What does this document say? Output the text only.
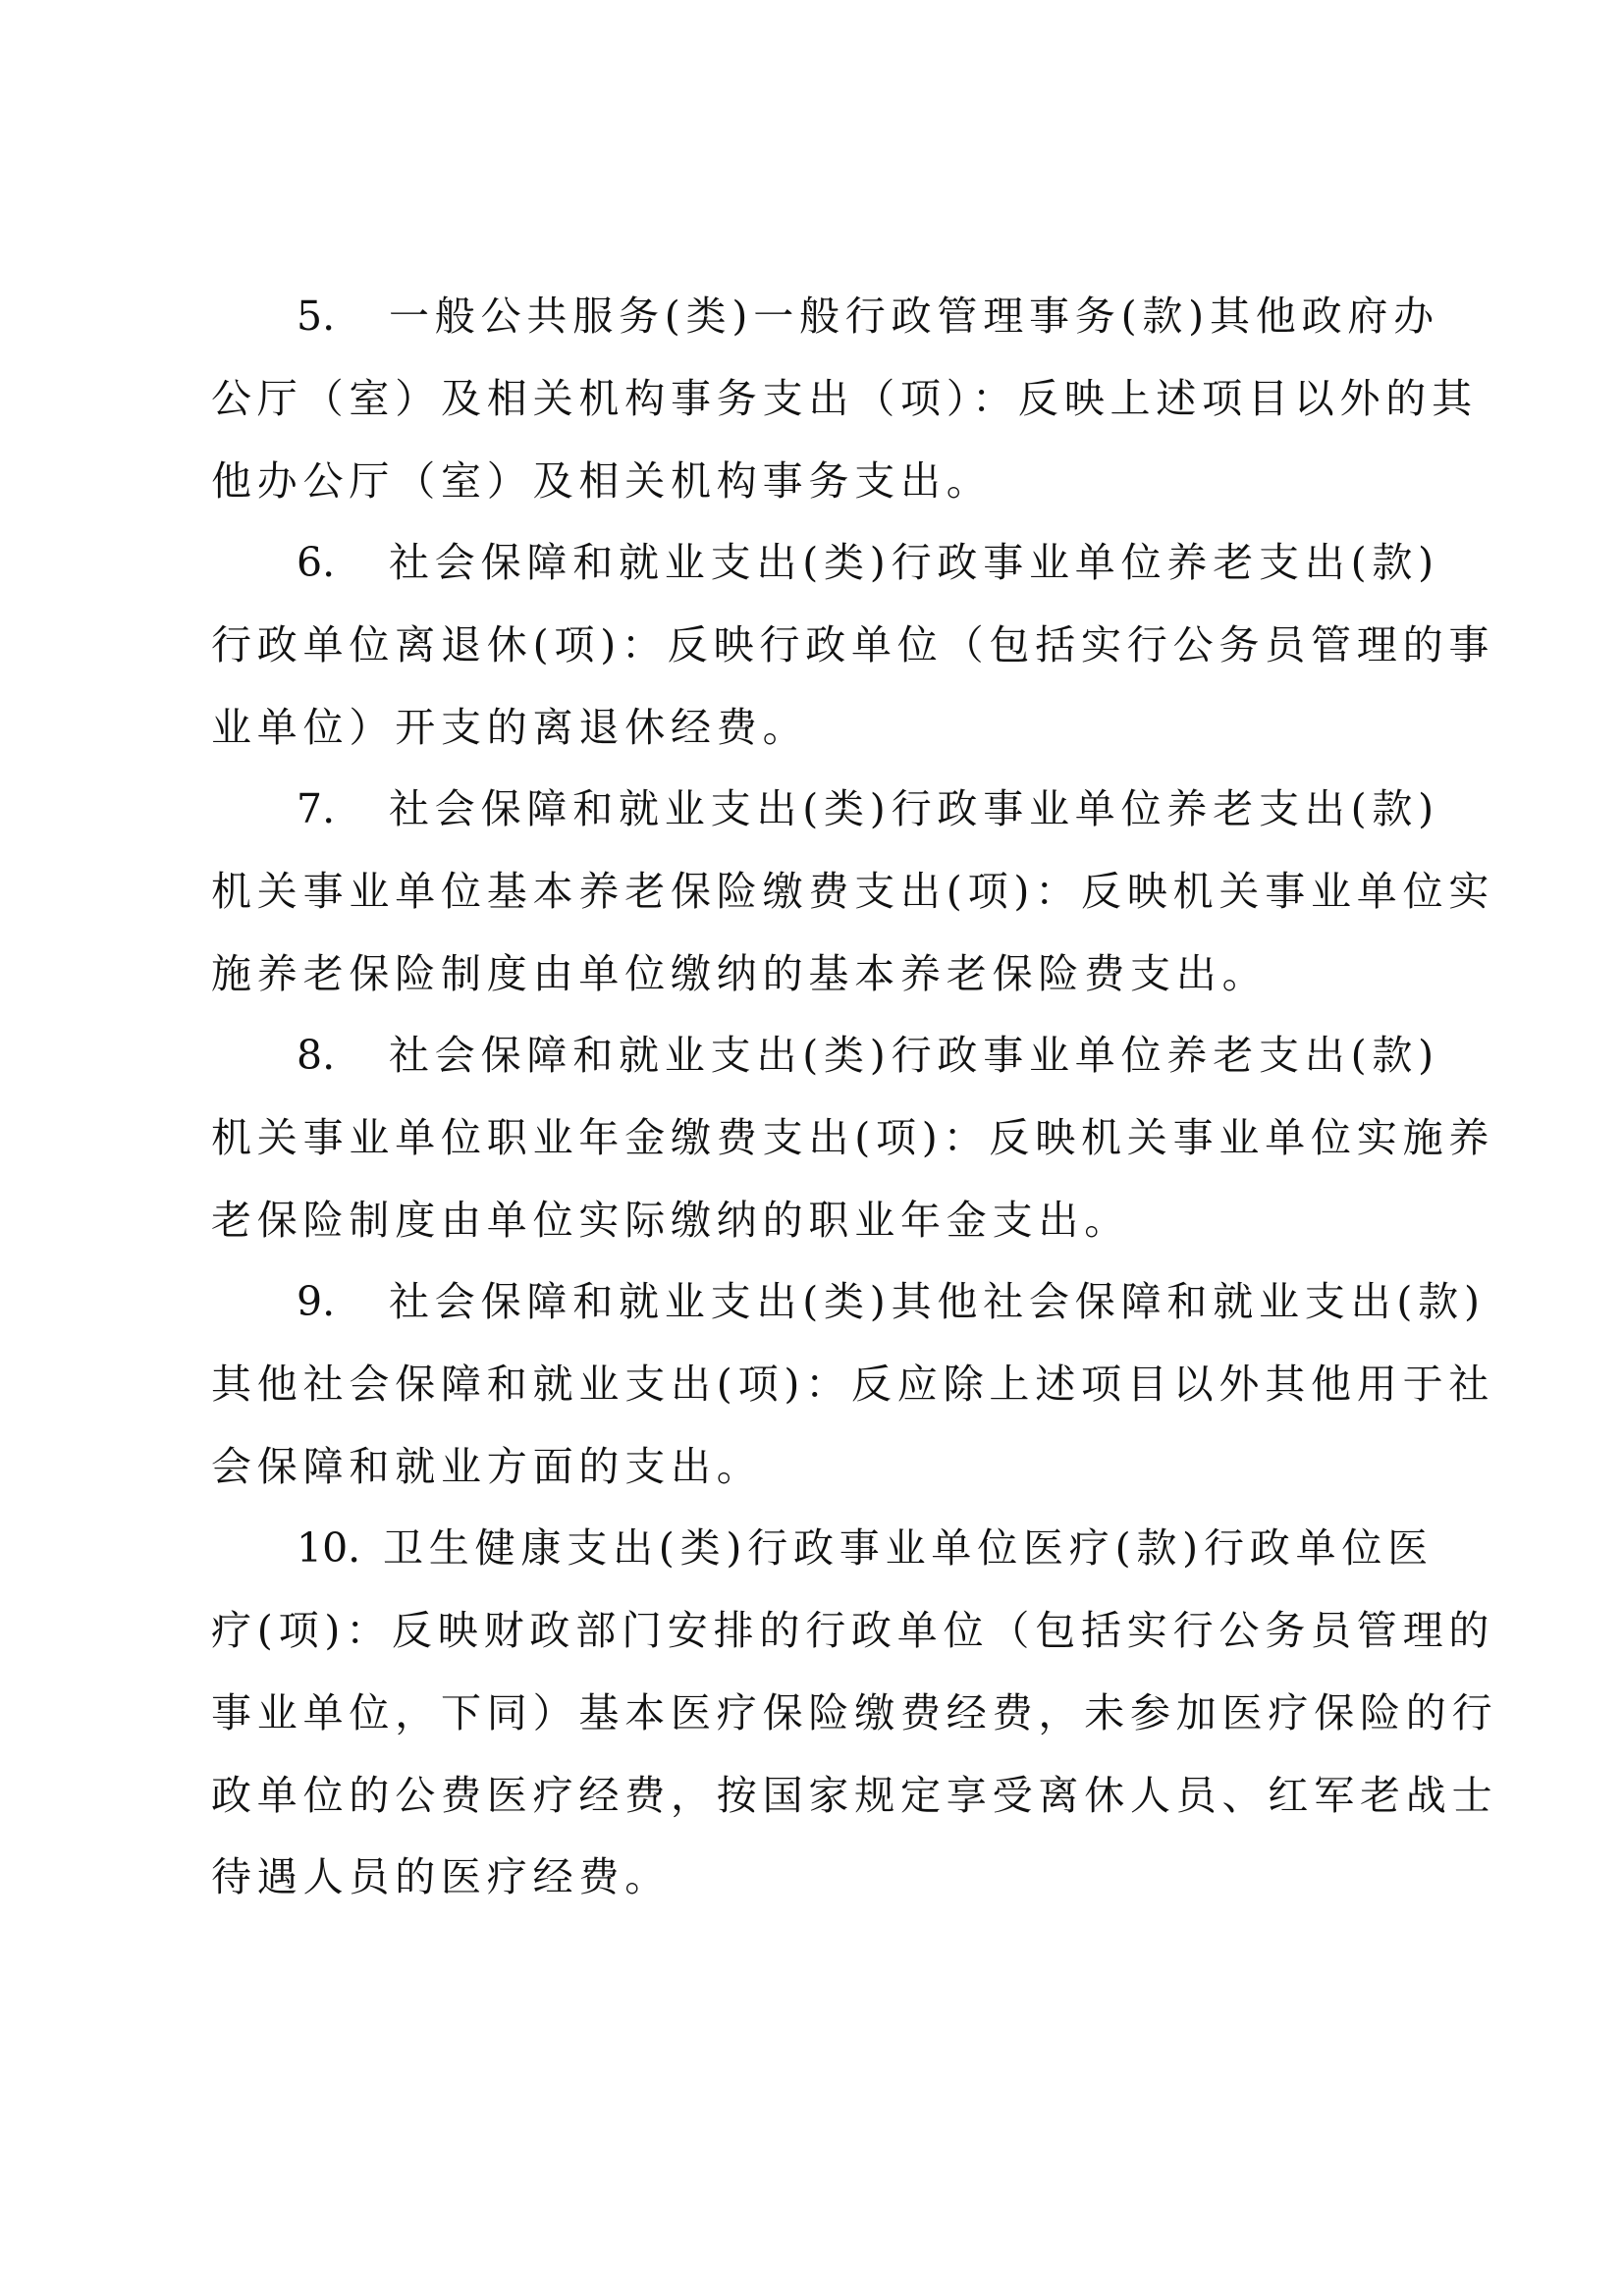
5. 一般公共服务(类)一般行政管理事务(款)其他政府办
公厅（室）及相关机构事务支出（项）：反映上述项目以外的其
他办公厅（室）及相关机构事务支出。
6. 社会保障和就业支出(类)行政事业单位养老支出(款)
行政单位离退休(项)：反映行政单位（包括实行公务员管理的事
业单位）开支的离退休经费。
7. 社会保障和就业支出(类)行政事业单位养老支出(款)
机关事业单位基本养老保险缴费支出(项)：反映机关事业单位实
施养老保险制度由单位缴纳的基本养老保险费支出。
8. 社会保障和就业支出(类)行政事业单位养老支出(款)
机关事业单位职业年金缴费支出(项)：反映机关事业单位实施养
老保险制度由单位实际缴纳的职业年金支出。
9. 社会保障和就业支出(类)其他社会保障和就业支出(款)
其他社会保障和就业支出(项)：反应除上述项目以外其他用于社
会保障和就业方面的支出。
10. 卫生健康支出(类)行政事业单位医疗(款)行政单位医
疗(项)：反映财政部门安排的行政单位（包括实行公务员管理的
事业单位，下同）基本医疗保险缴费经费，未参加医疗保险的行
政单位的公费医疗经费，按国家规定享受离休人员、红军老战士
待遇人员的医疗经费。
